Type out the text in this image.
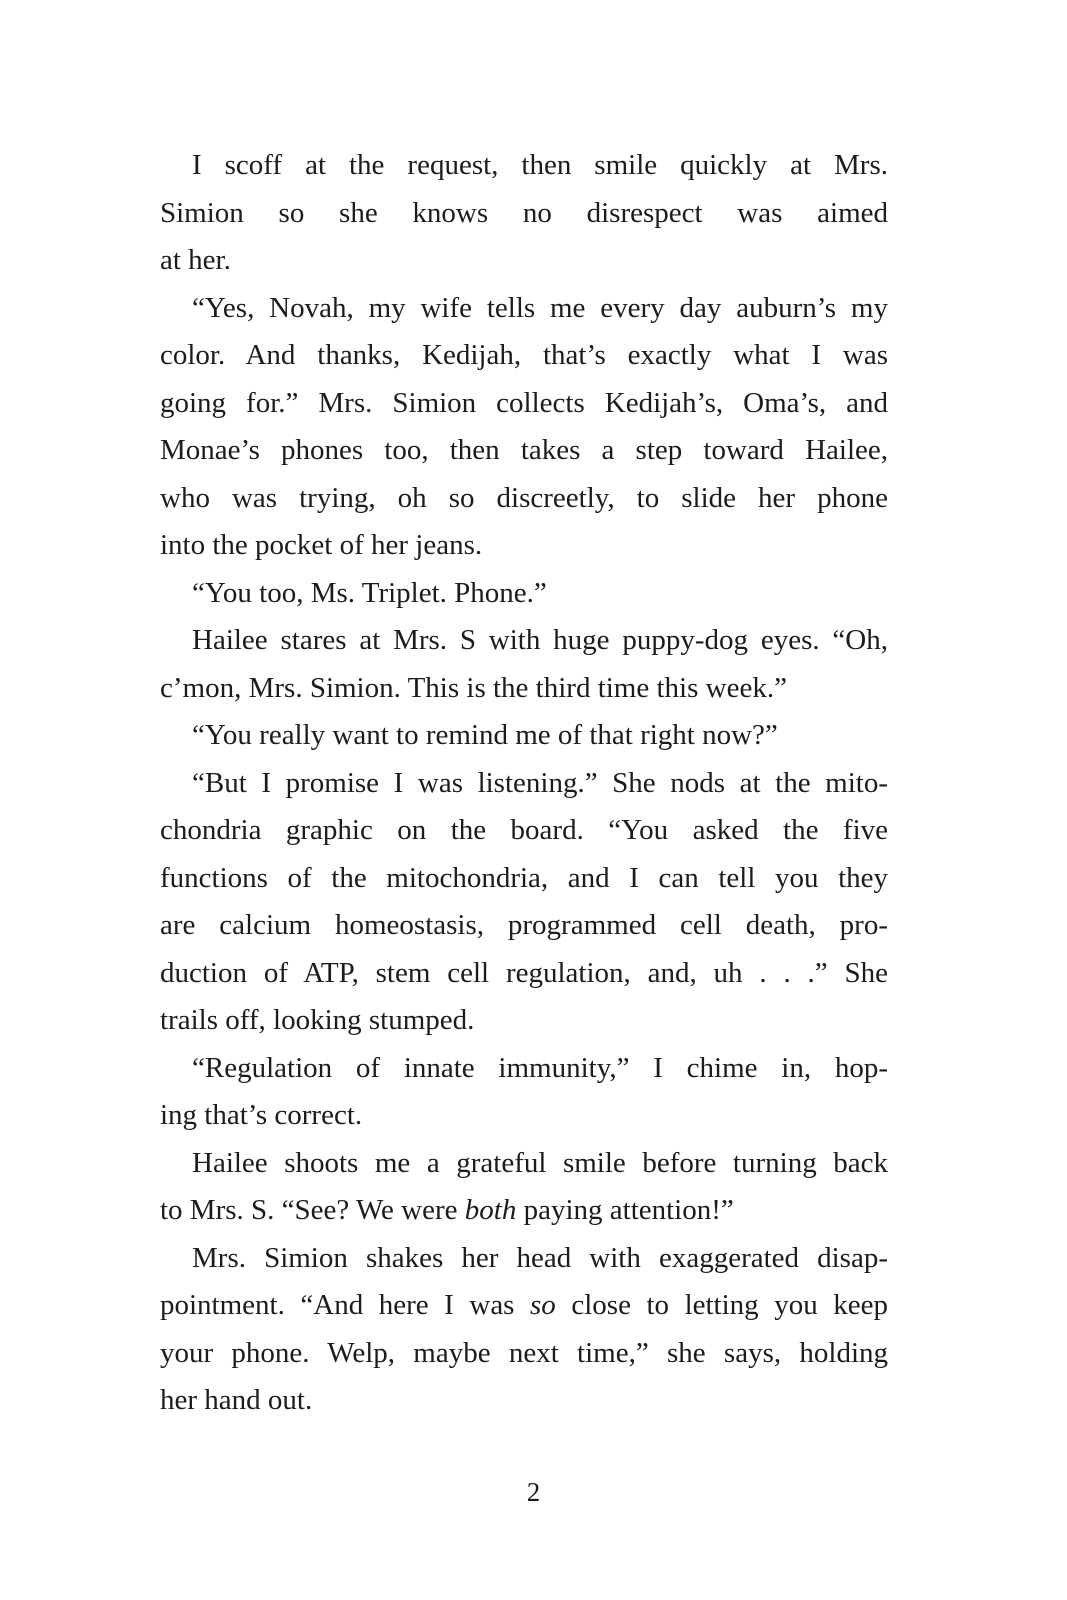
I scoff at the request, then smile quickly at Mrs.
Simion so she knows no disrespect was aimed
at her.
“Yes, Novah, my wife tells me every day auburn’s my
color. And thanks, Kedijah, that’s exactly what I was
going for.” Mrs. Simion collects Kedijah’s, Oma’s, and
Monae’s phones too, then takes a step toward Hailee,
who was trying, oh so discreetly, to slide her phone
into the pocket of her jeans.
“You too, Ms. Triplet. Phone.”
Hailee stares at Mrs. S with huge puppy-dog eyes. “Oh,
c’mon, Mrs. Simion. This is the third time this week.”
“You really want to remind me of that right now?”
“But I promise I was listening.” She nods at the mito-
chondria graphic on the board. “You asked the five
functions of the mitochondria, and I can tell you they
are calcium homeostasis, programmed cell death, pro-
duction of ATP, stem cell regulation, and, uh . . .” She
trails off, looking stumped.
“Regulation of innate immunity,” I chime in, hop-
ing that’s correct.
Hailee shoots me a grateful smile before turning back
to Mrs. S. “See? We were both paying attention!”
Mrs. Simion shakes her head with exaggerated disap-
pointment. “And here I was so close to letting you keep
your phone. Welp, maybe next time,” she says, holding
her hand out.
2
